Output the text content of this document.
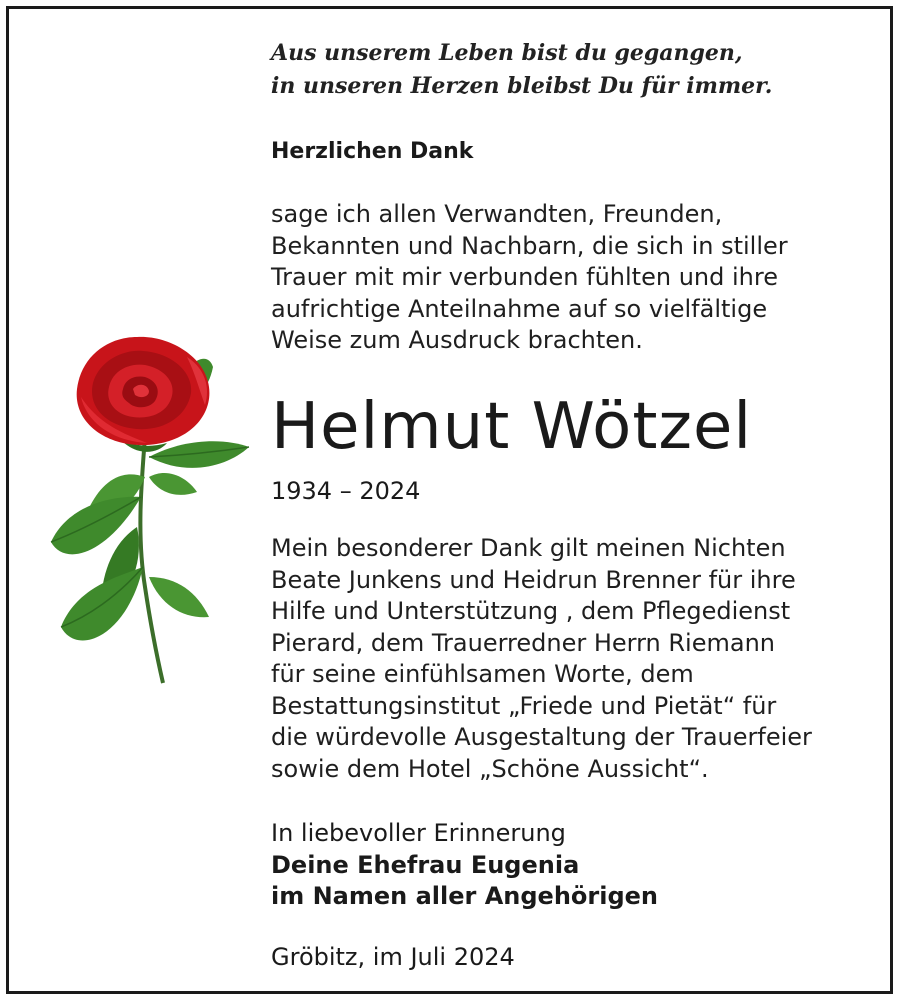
Aus unserem Leben bist du gegangen,
in unseren Herzen bleibst Du für immer.
Herzlichen Dank
sage ich allen Verwandten, Freunden,
Bekannten und Nachbarn, die sich in stiller
Trauer mit mir verbunden fühlten und ihre
aufrichtige Anteilnahme auf so vielfältige
Weise zum Ausdruck brachten.
Helmut Wötzel
1934 – 2024
Mein besonderer Dank gilt meinen Nichten
Beate Junkens und Heidrun Brenner für ihre
Hilfe und Unterstützung , dem Pflegedienst
Pierard, dem Trauerredner Herrn Riemann
für seine einfühlsamen Worte, dem
Bestattungsinstitut „Friede und Pietät“ für
die würdevolle Ausgestaltung der Trauerfeier
sowie dem Hotel „Schöne Aussicht“.
In liebevoller Erinnerung
Deine Ehefrau Eugenia
im Namen aller Angehörigen
Gröbitz, im Juli 2024
